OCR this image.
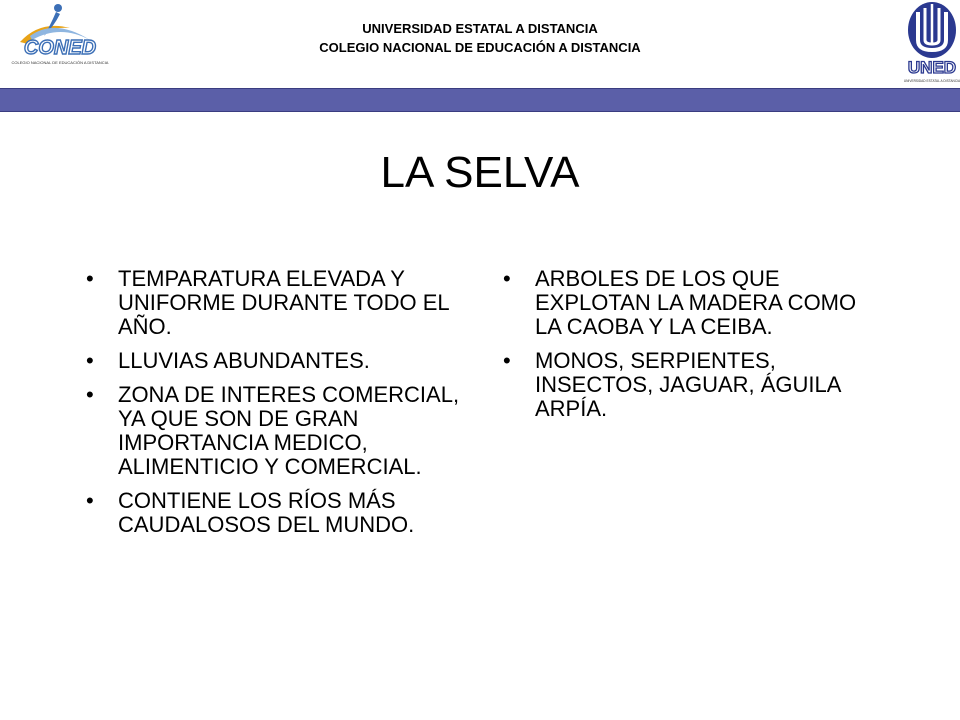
CONED
COLEGIO NACIONAL DE EDUCACIÓN A DISTANCIA
UNIVERSIDAD ESTATAL A DISTANCIA
COLEGIO NACIONAL DE EDUCACIÓN A DISTANCIA
UNED
UNIVERSIDAD ESTATAL A DISTANCIA
LA SELVA
• TEMPARATURA ELEVADA Y UNIFORME DURANTE TODO EL AÑO.
• LLUVIAS ABUNDANTES.
• ZONA DE INTERES COMERCIAL, YA QUE SON DE GRAN IMPORTANCIA MEDICO, ALIMENTICIO Y COMERCIAL.
• CONTIENE LOS RÍOS MÁS CAUDALOSOS DEL MUNDO.
• ARBOLES DE LOS QUE EXPLOTAN LA MADERA COMO LA CAOBA Y LA CEIBA.
• MONOS, SERPIENTES, INSECTOS, JAGUAR, ÁGUILA ARPÍA.
